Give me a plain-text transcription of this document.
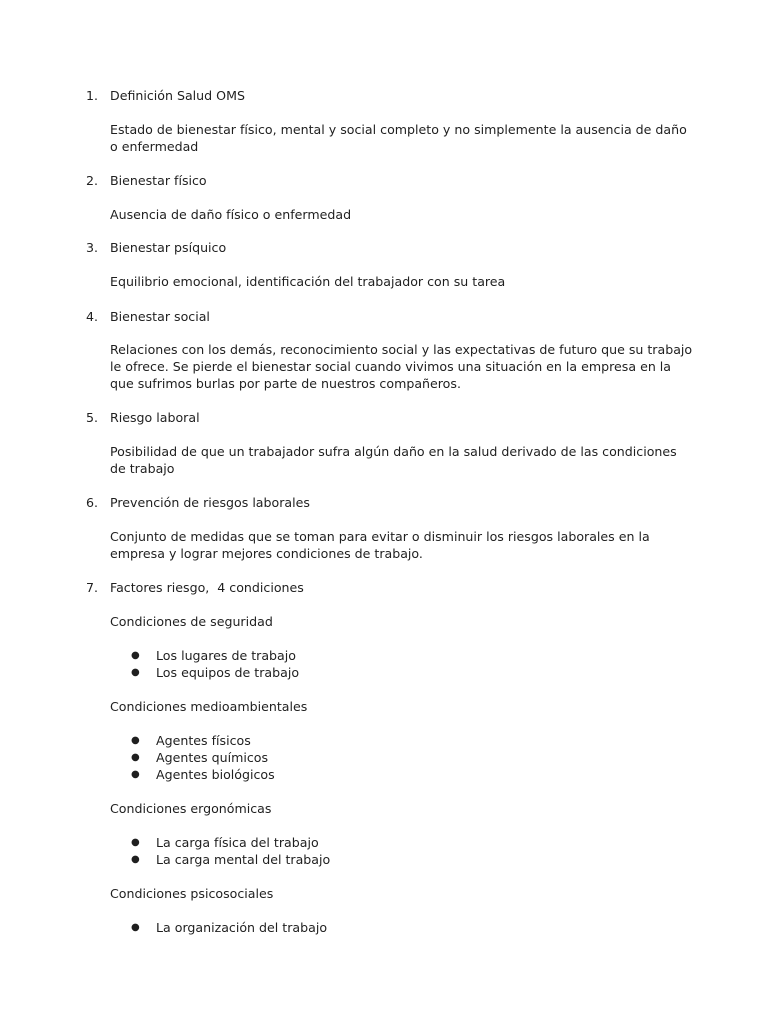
1. Definición Salud OMS
Estado de bienestar físico, mental y social completo y no simplemente la ausencia de daño
o enfermedad
2. Bienestar físico
Ausencia de daño físico o enfermedad
3. Bienestar psíquico
Equilibrio emocional, identificación del trabajador con su tarea
4. Bienestar social
Relaciones con los demás, reconocimiento social y las expectativas de futuro que su trabajo
le ofrece. Se pierde el bienestar social cuando vivimos una situación en la empresa en la
que sufrimos burlas por parte de nuestros compañeros.
5. Riesgo laboral
Posibilidad de que un trabajador sufra algún daño en la salud derivado de las condiciones
de trabajo
6. Prevención de riesgos laborales
Conjunto de medidas que se toman para evitar o disminuir los riesgos laborales en la
empresa y lograr mejores condiciones de trabajo.
7. Factores riesgo,  4 condiciones
Condiciones de seguridad
● Los lugares de trabajo
● Los equipos de trabajo
Condiciones medioambientales
● Agentes físicos
● Agentes químicos
● Agentes biológicos
Condiciones ergonómicas
● La carga física del trabajo
● La carga mental del trabajo
Condiciones psicosociales
● La organización del trabajo
